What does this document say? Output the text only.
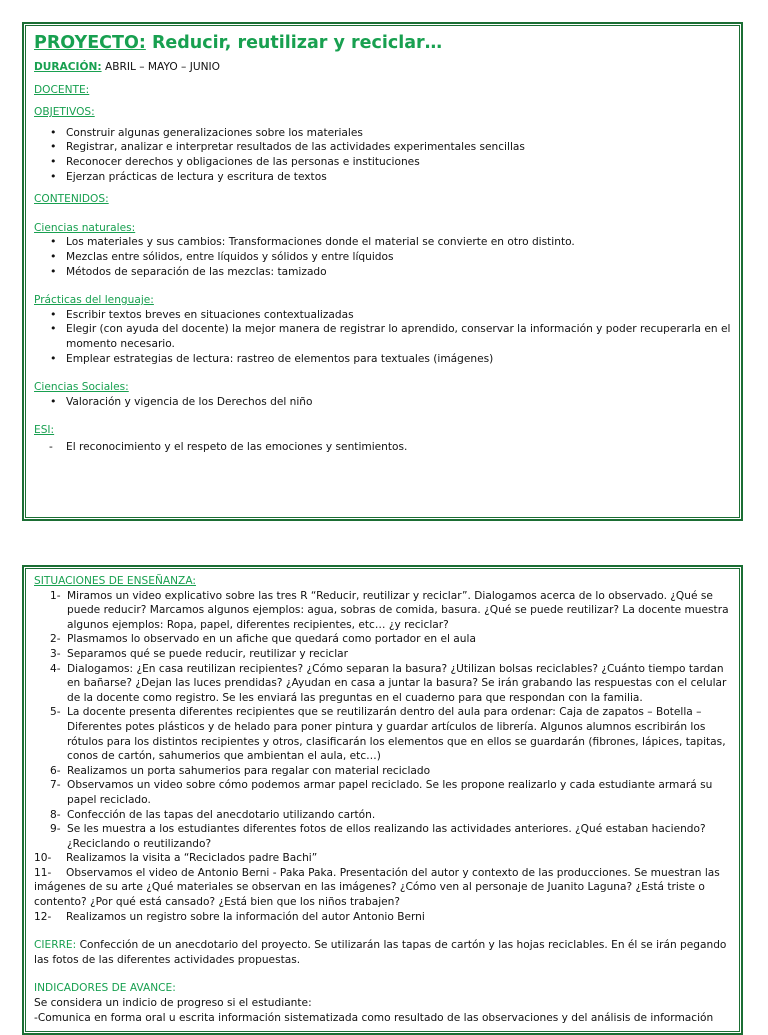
PROYECTO: Reducir, reutilizar y reciclar…

DURACIÓN: ABRIL – MAYO – JUNIO

DOCENTE:

OBJETIVOS:

• Construir algunas generalizaciones sobre los materiales
• Registrar, analizar e interpretar resultados de las actividades experimentales sencillas
• Reconocer derechos y obligaciones de las personas e instituciones
• Ejerzan prácticas de lectura y escritura de textos

CONTENIDOS:

Ciencias naturales:

• Los materiales y sus cambios: Transformaciones donde el material se convierte en otro distinto.
• Mezclas entre sólidos, entre líquidos y sólidos y entre líquidos
• Métodos de separación de las mezclas: tamizado

Prácticas del lenguaje:

• Escribir textos breves en situaciones contextualizadas
• Elegir (con ayuda del docente) la mejor manera de registrar lo aprendido, conservar la información y poder recuperarla en el momento necesario.
• Emplear estrategias de lectura: rastreo de elementos para textuales (imágenes)

Ciencias Sociales:

• Valoración y vigencia de los Derechos del niño

ESI:

- El reconocimiento y el respeto de las emociones y sentimientos.

SITUACIONES DE ENSEÑANZA:

1- Miramos un video explicativo sobre las tres R “Reducir, reutilizar y reciclar”. Dialogamos acerca de lo observado. ¿Qué se puede reducir? Marcamos algunos ejemplos: agua, sobras de comida, basura. ¿Qué se puede reutilizar? La docente muestra algunos ejemplos: Ropa, papel, diferentes recipientes, etc… ¿y reciclar?
2- Plasmamos lo observado en un afiche que quedará como portador en el aula
3- Separamos qué se puede reducir, reutilizar y reciclar
4- Dialogamos: ¿En casa reutilizan recipientes? ¿Cómo separan la basura? ¿Utilizan bolsas reciclables? ¿Cuánto tiempo tardan en bañarse? ¿Dejan las luces prendidas? ¿Ayudan en casa a juntar la basura? Se irán grabando las respuestas con el celular de la docente como registro. Se les enviará las preguntas en el cuaderno para que respondan con la familia.
5- La docente presenta diferentes recipientes que se reutilizarán dentro del aula para ordenar: Caja de zapatos – Botella – Diferentes potes plásticos y de helado para poner pintura y guardar artículos de librería. Algunos alumnos escribirán los rótulos para los distintos recipientes y otros, clasificarán los elementos que en ellos se guardarán (fibrones, lápices, tapitas, conos de cartón, sahumerios que ambientan el aula, etc…)
6- Realizamos un porta sahumerios para regalar con material reciclado
7- Observamos un video sobre cómo podemos armar papel reciclado. Se les propone realizarlo y cada estudiante armará su papel reciclado.
8- Confección de las tapas del anecdotario utilizando cartón.
9- Se les muestra a los estudiantes diferentes fotos de ellos realizando las actividades anteriores. ¿Qué estaban haciendo? ¿Reciclando o reutilizando?
10-	Realizamos la visita a “Reciclados padre Bachi”
11-	Observamos el video de Antonio Berni - Paka Paka. Presentación del autor y contexto de las producciones. Se muestran las imágenes de su arte ¿Qué materiales se observan en las imágenes? ¿Cómo ven al personaje de Juanito Laguna? ¿Está triste o contento? ¿Por qué está cansado? ¿Está bien que los niños trabajen?
12-	Realizamos un registro sobre la información del autor Antonio Berni

CIERRE: Confección de un anecdotario del proyecto. Se utilizarán las tapas de cartón y las hojas reciclables. En él se irán pegando las fotos de las diferentes actividades propuestas.

INDICADORES DE AVANCE:

Se considera un indicio de progreso si el estudiante:

-Comunica en forma oral u escrita información sistematizada como resultado de las observaciones y del análisis de información
